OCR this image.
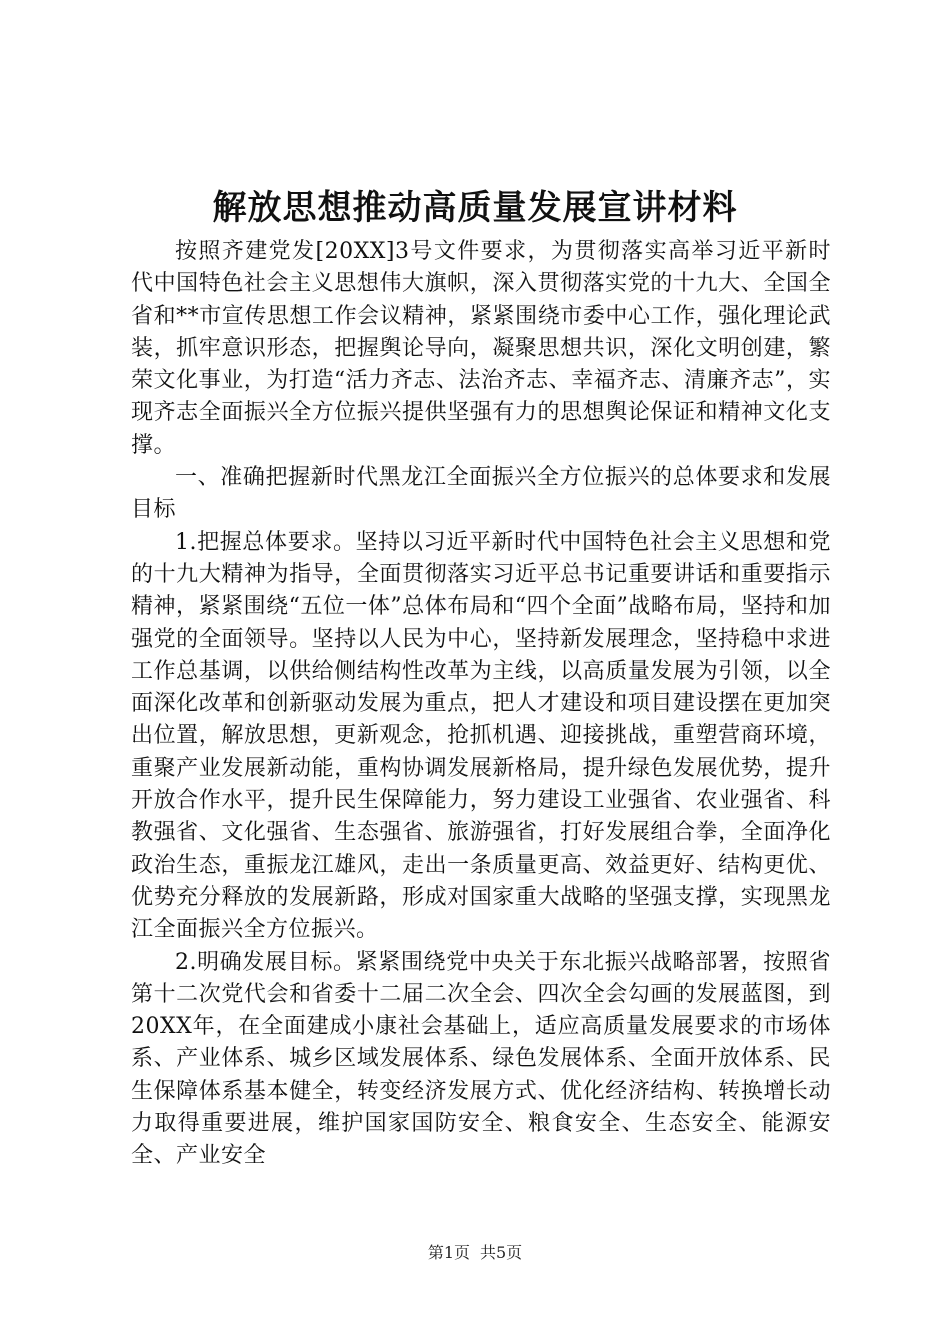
解放思想推动高质量发展宣讲材料

按照齐建党发[20XX]3号文件要求，为贯彻落实高举习近平新时代中国特色社会主义思想伟大旗帜，深入贯彻落实党的十九大、全国全省和**市宣传思想工作会议精神，紧紧围绕市委中心工作，强化理论武装，抓牢意识形态，把握舆论导向，凝聚思想共识，深化文明创建，繁荣文化事业，为打造“活力齐志、法治齐志、幸福齐志、清廉齐志”，实现齐志全面振兴全方位振兴提供坚强有力的思想舆论保证和精神文化支撑。

一、准确把握新时代黑龙江全面振兴全方位振兴的总体要求和发展目标

1.把握总体要求。坚持以习近平新时代中国特色社会主义思想和党的十九大精神为指导，全面贯彻落实习近平总书记重要讲话和重要指示精神，紧紧围绕“五位一体”总体布局和“四个全面”战略布局，坚持和加强党的全面领导。坚持以人民为中心，坚持新发展理念，坚持稳中求进工作总基调，以供给侧结构性改革为主线，以高质量发展为引领，以全面深化改革和创新驱动发展为重点，把人才建设和项目建设摆在更加突出位置，解放思想，更新观念，抢抓机遇、迎接挑战，重塑营商环境，重聚产业发展新动能，重构协调发展新格局，提升绿色发展优势，提升开放合作水平，提升民生保障能力，努力建设工业强省、农业强省、科教强省、文化强省、生态强省、旅游强省，打好发展组合拳，全面净化政治生态，重振龙江雄风，走出一条质量更高、效益更好、结构更优、优势充分释放的发展新路，形成对国家重大战略的坚强支撑，实现黑龙江全面振兴全方位振兴。

2.明确发展目标。紧紧围绕党中央关于东北振兴战略部署，按照省第十二次党代会和省委十二届二次全会、四次全会勾画的发展蓝图，到20XX年，在全面建成小康社会基础上，适应高质量发展要求的市场体系、产业体系、城乡区域发展体系、绿色发展体系、全面开放体系、民生保障体系基本健全，转变经济发展方式、优化经济结构、转换增长动力取得重要进展，维护国家国防安全、粮食安全、生态安全、能源安全、产业安全

第1页 共5页
